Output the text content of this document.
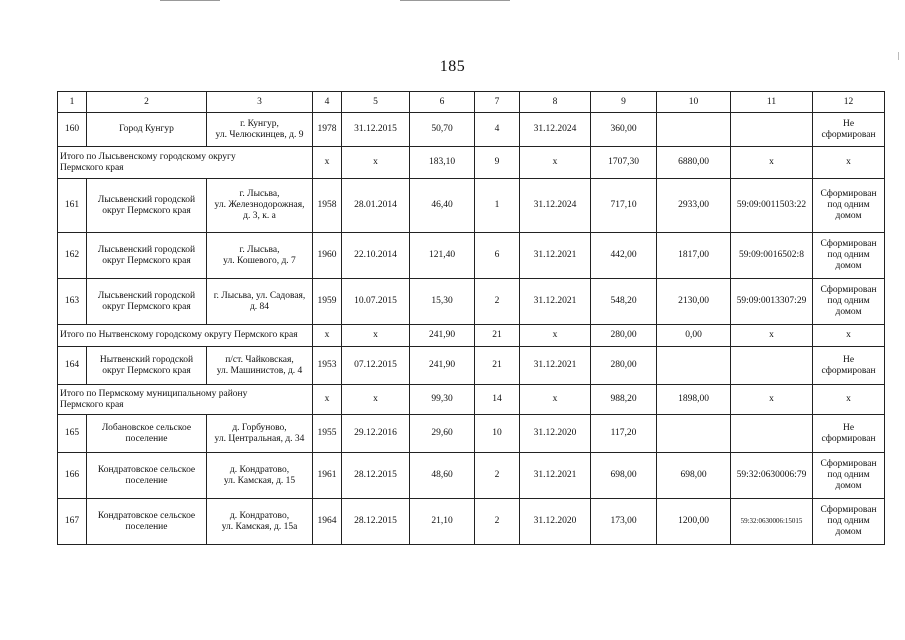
185
1	2	3	4	5	6	7	8	9	10	11	12
160	Город Кунгур	г. Кунгур,
ул. Челюскинцев, д. 9	1978	31.12.2015	50,70	4	31.12.2024	360,00			Не сформирован
Итого по Лысьвенскому городскому округу
Пермского края			x	x	183,10	9	x	1707,30	6880,00	x	x
161	Лысьвенский городской
округ Пермского края	г. Лысьва,
ул. Железнодорожная,
д. 3, к. а	1958	28.01.2014	46,40	1	31.12.2024	717,10	2933,00	59:09:0011503:22	Сформирован
под одним
домом
162	Лысьвенский городской
округ Пермского края	г. Лысьва,
ул. Кошевого, д. 7	1960	22.10.2014	121,40	6	31.12.2021	442,00	1817,00	59:09:0016502:8	Сформирован
под одним
домом
163	Лысьвенский городской
округ Пермского края	г. Лысьва, ул. Садовая,
д. 84	1959	10.07.2015	15,30	2	31.12.2021	548,20	2130,00	59:09:0013307:29	Сформирован
под одним
домом
Итого по Нытвенскому городскому округу Пермского края			x	x	241,90	21	x	280,00	0,00	x	x
164	Нытвенский городской
округ Пермского края	п/ст. Чайковская,
ул. Машинистов, д. 4	1953	07.12.2015	241,90	21	31.12.2021	280,00			Не сформирован
Итого по Пермскому муниципальному району
Пермского края			x	x	99,30	14	x	988,20	1898,00	x	x
165	Лобановское сельское
поселение	д. Горбуново,
ул. Центральная, д. 34	1955	29.12.2016	29,60	10	31.12.2020	117,20			Не сформирован
166	Кондратовское сельское
поселение	д. Кондратово,
ул. Камская, д. 15	1961	28.12.2015	48,60	2	31.12.2021	698,00	698,00	59:32:0630006:79	Сформирован
под одним
домом
167	Кондратовское сельское
поселение	д. Кондратово,
ул. Камская, д. 15а	1964	28.12.2015	21,10	2	31.12.2020	173,00	1200,00	59:32:0630006:15015	Сформирован
под одним
домом
